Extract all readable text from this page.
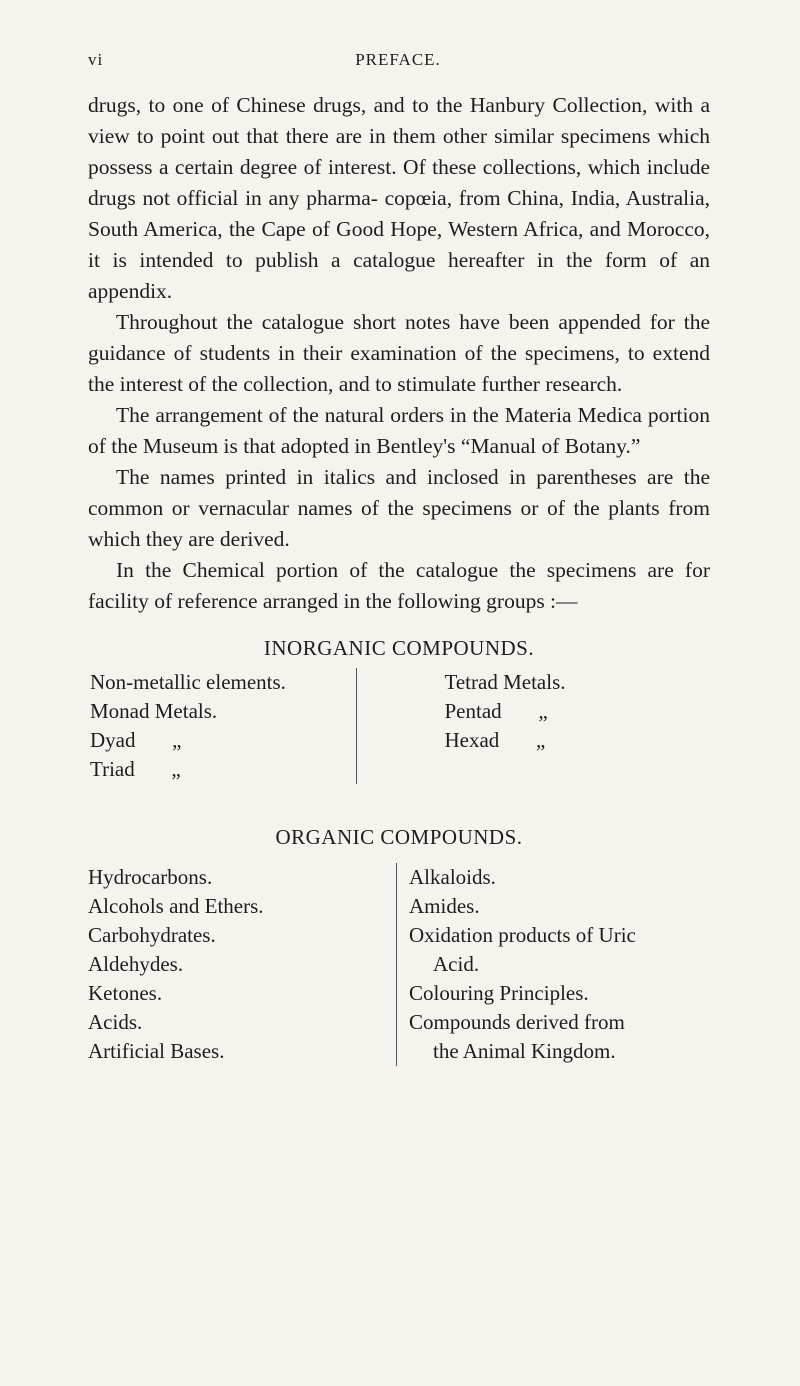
vi	PREFACE.

drugs, to one of Chinese drugs, and to the Hanbury Collection, with a view to point out that there are in them other similar specimens which possess a certain degree of interest. Of these collections, which include drugs not official in any pharma- copœia, from China, India, Australia, South America, the Cape of Good Hope, Western Africa, and Morocco, it is intended to publish a catalogue hereafter in the form of an appendix.

Throughout the catalogue short notes have been appended for the guidance of students in their examination of the specimens, to extend the interest of the collection, and to stimulate further research.

The arrangement of the natural orders in the Materia Medica portion of the Museum is that adopted in Bentley's “Manual of Botany.”

The names printed in italics and inclosed in parentheses are the common or vernacular names of the specimens or of the plants from which they are derived.

In the Chemical portion of the catalogue the specimens are for facility of reference arranged in the following groups :—

INORGANIC COMPOUNDS.
Non-metallic elements.
Monad Metals.
Dyad „
Triad „
Tetrad Metals.
Pentad „
Hexad „
ORGANIC COMPOUNDS.
Hydrocarbons.
Alcohols and Ethers.
Carbohydrates.
Aldehydes.
Ketones.
Acids.
Artificial Bases.
Alkaloids.
Amides.
Oxidation products of Uric
Acid.
Colouring Principles.
Compounds derived from
the Animal Kingdom.
